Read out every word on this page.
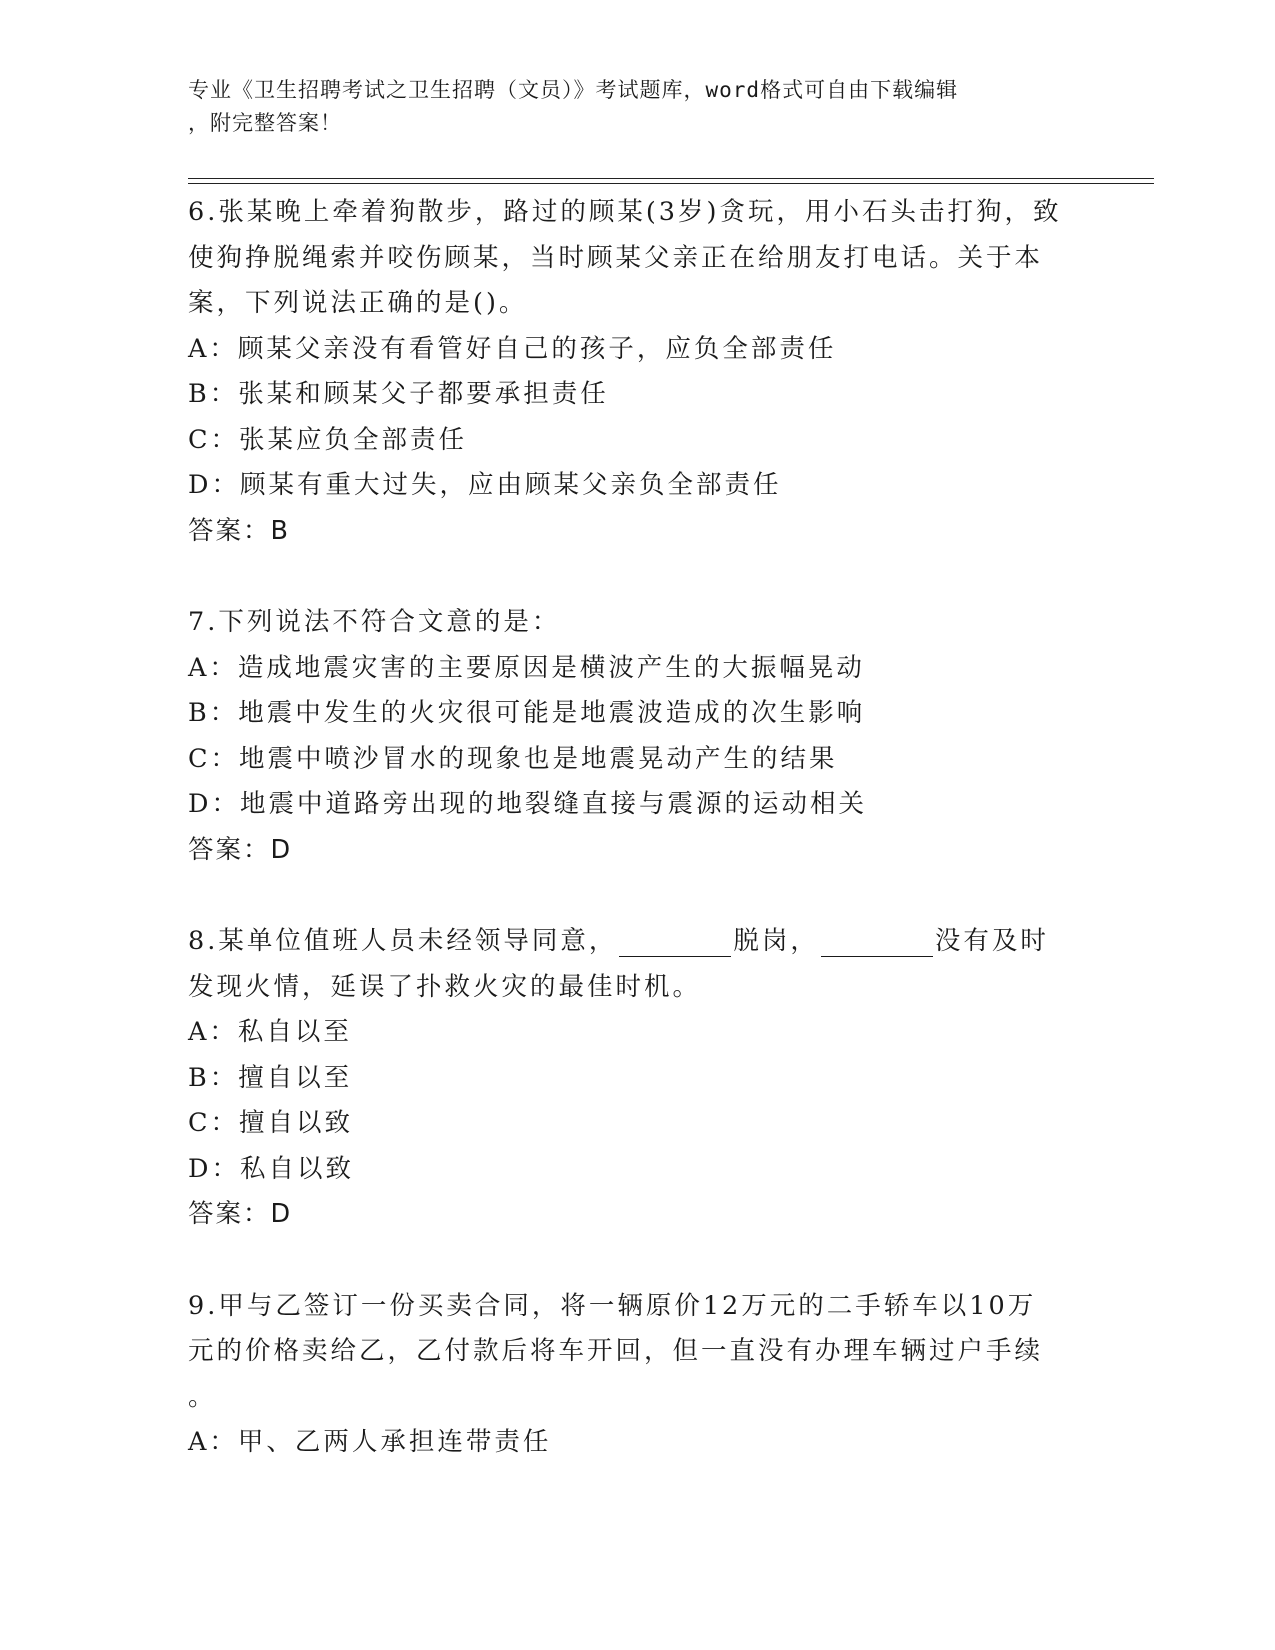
专业《卫生招聘考试之卫生招聘（文员）》考试题库，word格式可自由下载编辑
，附完整答案！
6.张某晚上牵着狗散步，路过的顾某(3岁)贪玩，用小石头击打狗，致
使狗挣脱绳索并咬伤顾某，当时顾某父亲正在给朋友打电话。关于本
案，下列说法正确的是()。
A：顾某父亲没有看管好自己的孩子，应负全部责任
B：张某和顾某父子都要承担责任
C：张某应负全部责任
D：顾某有重大过失，应由顾某父亲负全部责任
答案：B
7.下列说法不符合文意的是：
A：造成地震灾害的主要原因是横波产生的大振幅晃动
B：地震中发生的火灾很可能是地震波造成的次生影响
C：地震中喷沙冒水的现象也是地震晃动产生的结果
D：地震中道路旁出现的地裂缝直接与震源的运动相关
答案：D
8.某单位值班人员未经领导同意，	脱岗，	没有及时
发现火情，延误了扑救火灾的最佳时机。
A：私自以至
B：擅自以至
C：擅自以致
D：私自以致
答案：D
9.甲与乙签订一份买卖合同，将一辆原价12万元的二手轿车以10万
元的价格卖给乙，乙付款后将车开回，但一直没有办理车辆过户手续
。
A：甲、乙两人承担连带责任
